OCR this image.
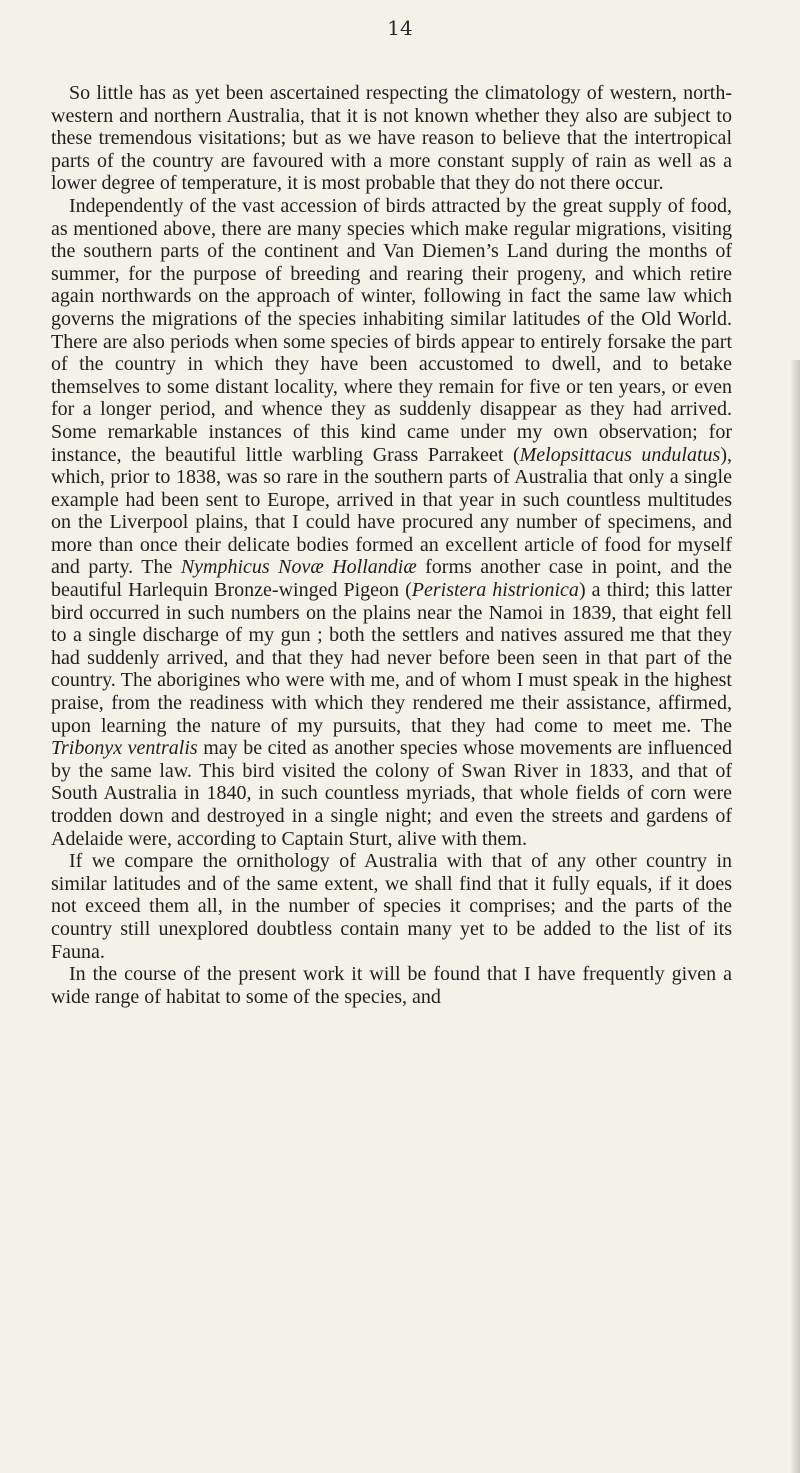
14

So little has as yet been ascertained respecting the climatology of western, north-western and northern Australia, that it is not known whether they also are subject to these tremendous visitations; but as we have reason to believe that the intertropical parts of the country are favoured with a more constant supply of rain as well as a lower degree of temperature, it is most probable that they do not there occur.

Independently of the vast accession of birds attracted by the great supply of food, as mentioned above, there are many species which make regular migrations, visiting the southern parts of the continent and Van Diemen’s Land during the months of summer, for the purpose of breeding and rearing their progeny, and which retire again northwards on the approach of winter, following in fact the same law which governs the migrations of the species inhabiting similar latitudes of the Old World. There are also periods when some species of birds appear to entirely forsake the part of the country in which they have been accustomed to dwell, and to betake themselves to some distant locality, where they remain for five or ten years, or even for a longer period, and whence they as suddenly disappear as they had arrived. Some remarkable instances of this kind came under my own observation; for instance, the beautiful little warbling Grass Parrakeet (Melopsittacus undulatus), which, prior to 1838, was so rare in the southern parts of Australia that only a single example had been sent to Europe, arrived in that year in such countless multitudes on the Liverpool plains, that I could have procured any number of specimens, and more than once their delicate bodies formed an excellent article of food for myself and party. The Nymphicus Novæ Hollandiæ forms another case in point, and the beautiful Harlequin Bronze-winged Pigeon (Peristera histrionica) a third; this latter bird occurred in such numbers on the plains near the Namoi in 1839, that eight fell to a single discharge of my gun ; both the settlers and natives assured me that they had suddenly arrived, and that they had never before been seen in that part of the country. The aborigines who were with me, and of whom I must speak in the highest praise, from the readiness with which they rendered me their assistance, affirmed, upon learning the nature of my pursuits, that they had come to meet me. The Tribonyx ventralis may be cited as another species whose movements are influenced by the same law. This bird visited the colony of Swan River in 1833, and that of South Australia in 1840, in such countless myriads, that whole fields of corn were trodden down and destroyed in a single night; and even the streets and gardens of Adelaide were, according to Captain Sturt, alive with them.

If we compare the ornithology of Australia with that of any other country in similar latitudes and of the same extent, we shall find that it fully equals, if it does not exceed them all, in the number of species it comprises; and the parts of the country still unexplored doubtless contain many yet to be added to the list of its Fauna.

In the course of the present work it will be found that I have frequently given a wide range of habitat to some of the species, and
